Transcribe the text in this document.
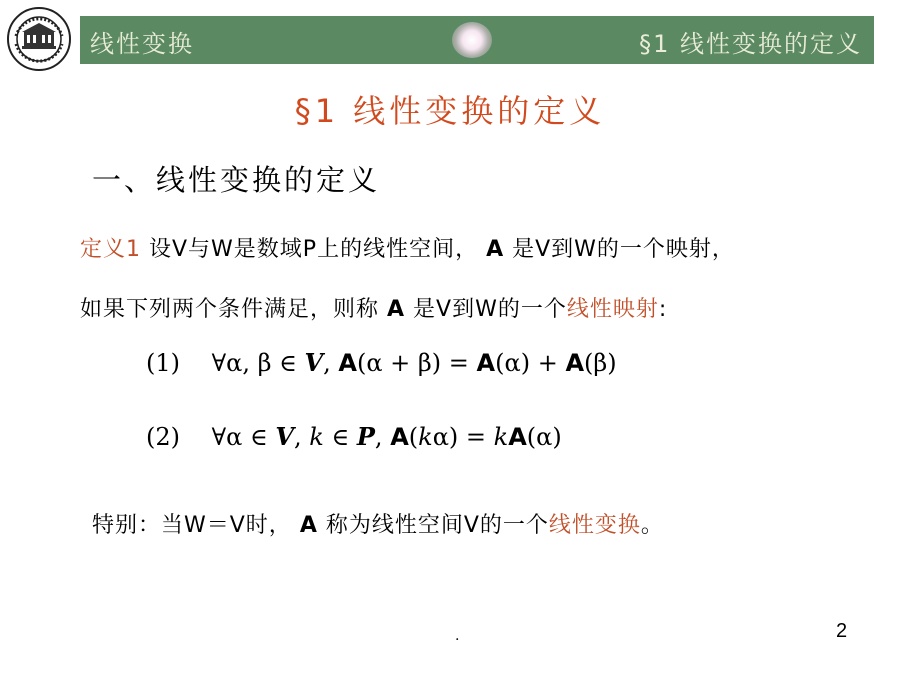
线性变换	§1 线性变换的定义
§1 线性变换的定义
一、线性变换的定义
定义1 设V与W是数域P上的线性空间， A 是V到W的一个映射，
如果下列两个条件满足，则称 A 是V到W的一个线性映射:
(1) ∀α, β ∈ V, A(α + β) = A(α) + A(β)
(2) ∀α ∈ V, k ∈ P, A(kα) = kA(α)
特别：当W＝V时， A 称为线性空间V的一个线性变换。
.	2
